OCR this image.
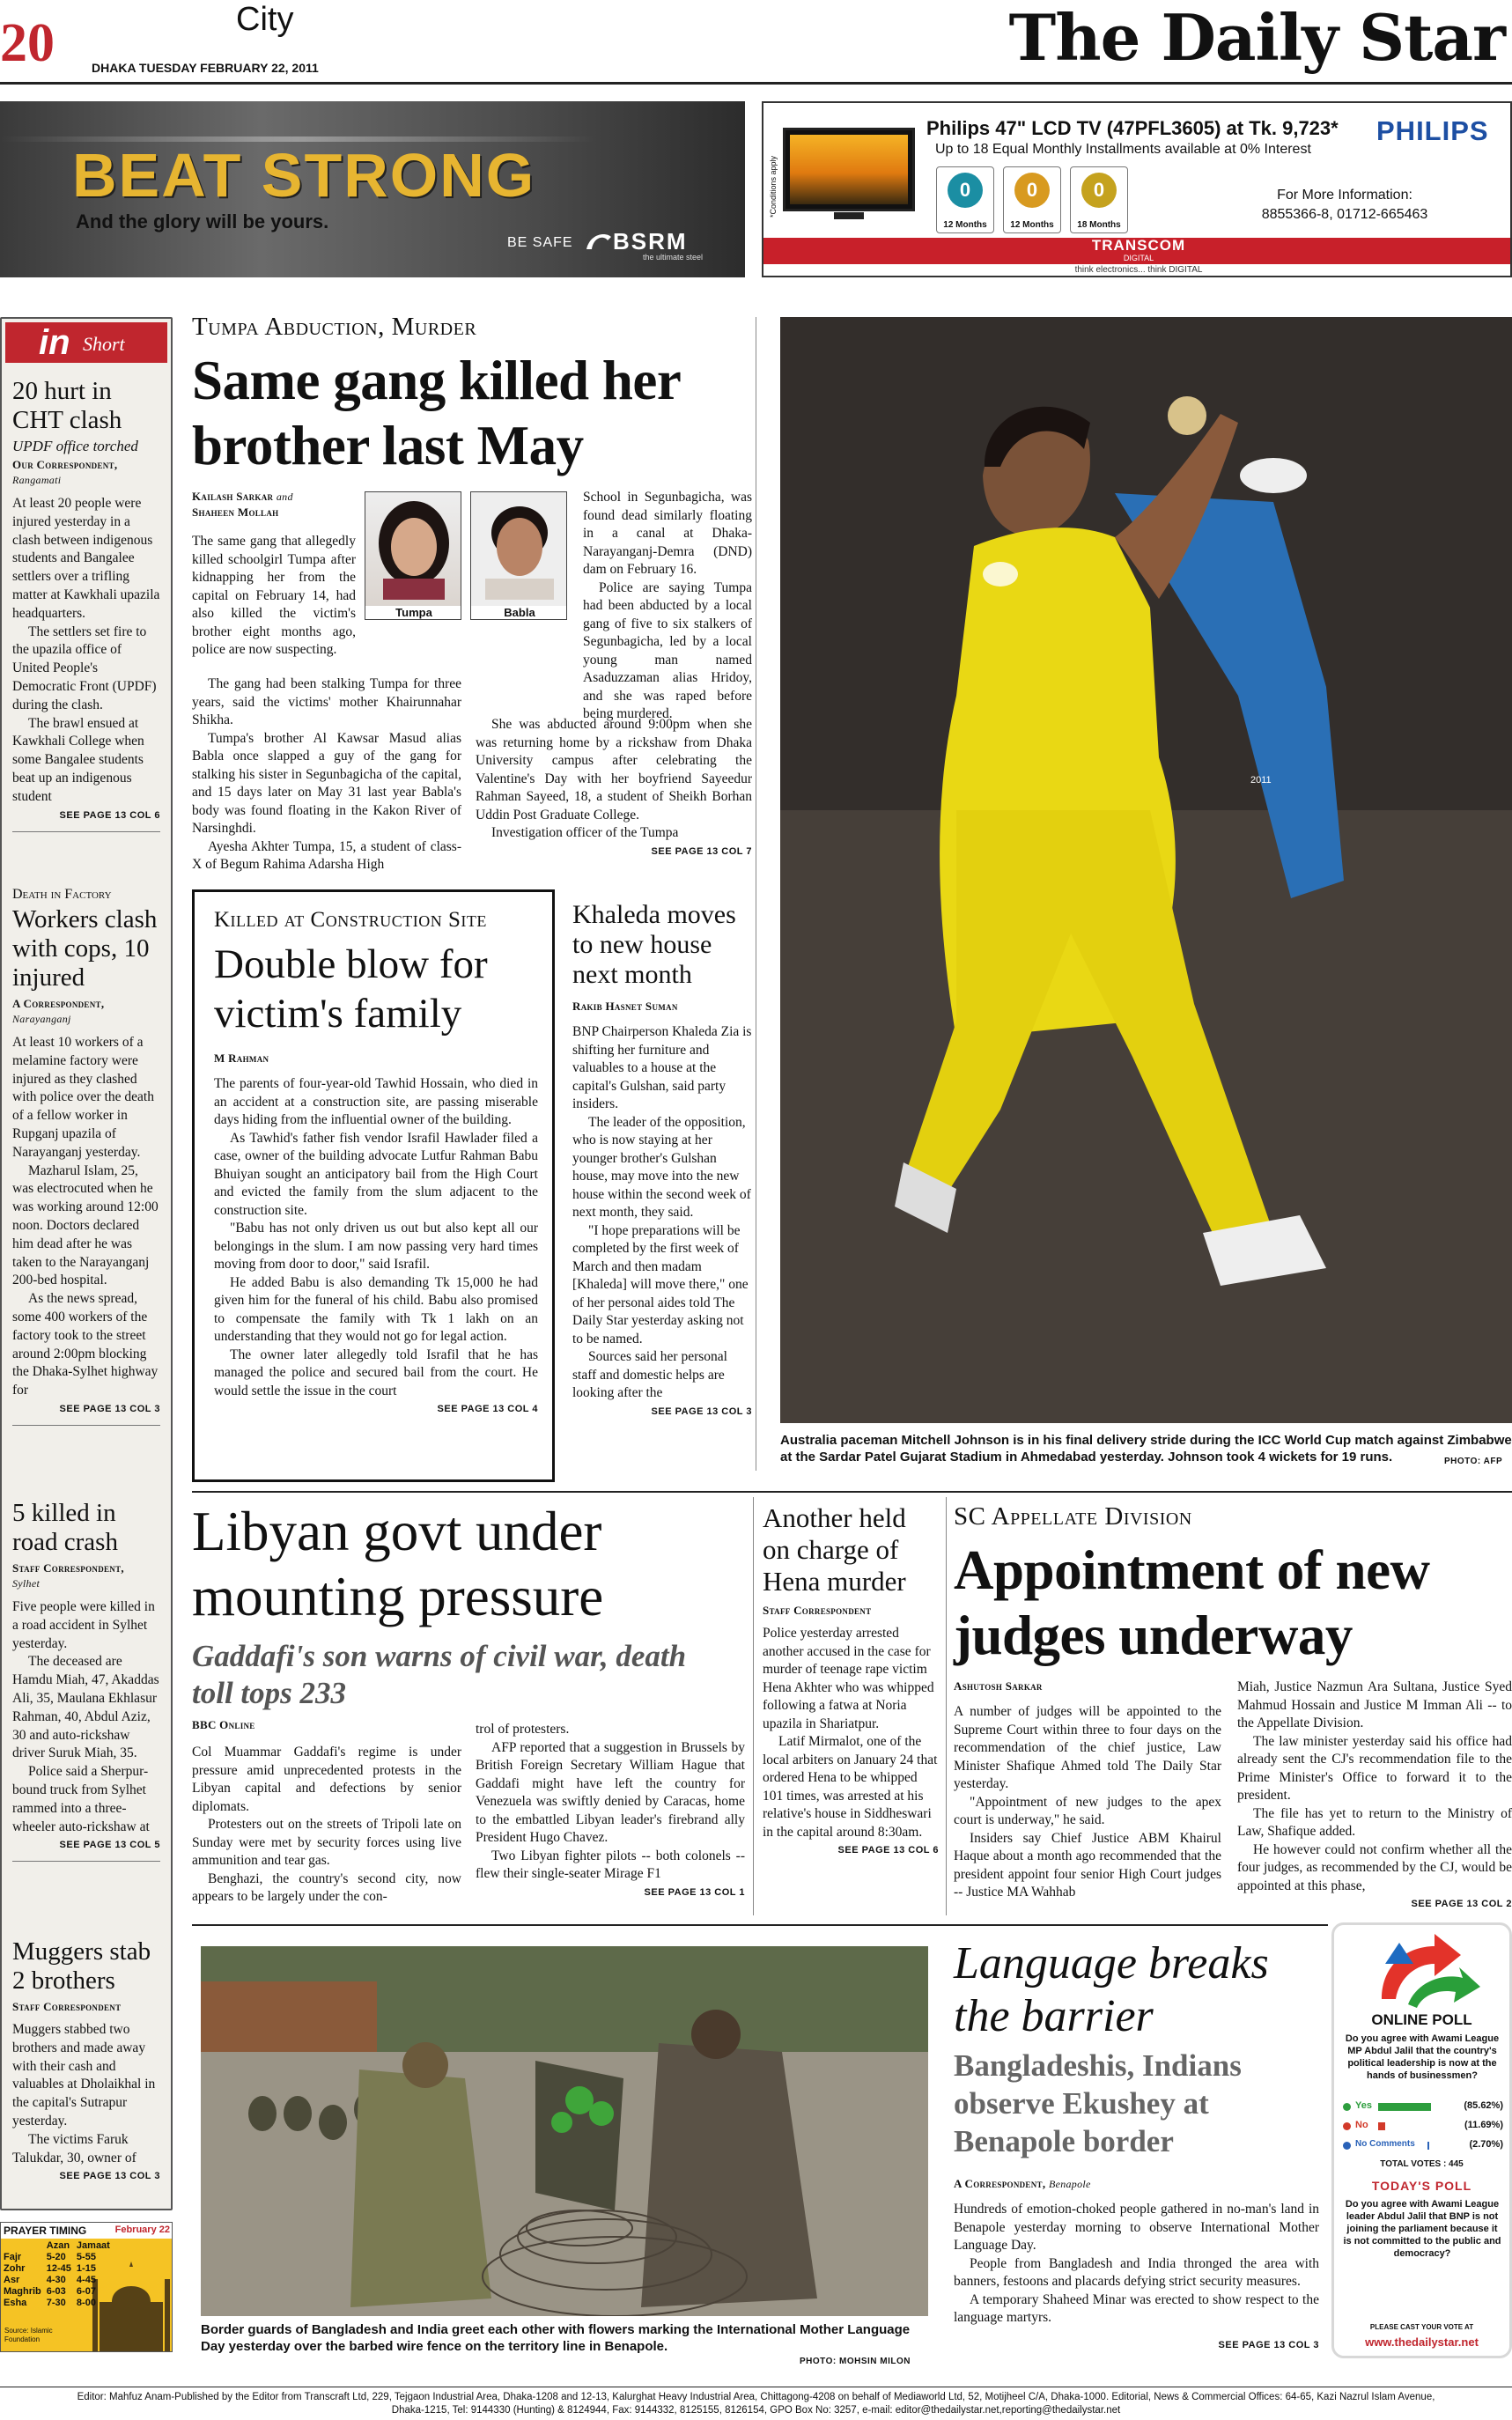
20	City
DHAKA TUESDAY FEBRUARY 22, 2011	The Daily Star
BEAT STRONG
And the glory will be yours.
BE SAFE BSRM
the ultimate steel
*Conditions apply
Philips 47" LCD TV (47PFL3605) at Tk. 9,723*
Up to 18 Equal Monthly Installments available at 0% Interest
PHILIPS
0
12 Months
0
12 Months
0
18 Months
For More Information:
8855366-8, 01712-665463
TRANSCOM
DIGITAL
think electronics... think DIGITAL
in Short
20 hurt in CHT clash
UPDF office torched
Our Correspondent,
Rangamati

At least 20 people were injured yesterday in a clash between indigenous students and Bangalee settlers over a trifling matter at Kawkhali upazila headquarters.

The settlers set fire to the upazila office of United People's Democratic Front (UPDF) during the clash.

The brawl ensued at Kawkhali College when some Bangalee students beat up an indigenous student

SEE PAGE 13 COL 6
Death in Factory
Workers clash with cops, 10 injured
A Correspondent,
Narayanganj

At least 10 workers of a melamine factory were injured as they clashed with police over the death of a fellow worker in Rupganj upazila of Narayanganj yesterday.

Mazharul Islam, 25, was electrocuted when he was working around 12:00 noon. Doctors declared him dead after he was taken to the Narayanganj 200-bed hospital.

As the news spread, some 400 workers of the factory took to the street around 2:00pm blocking the Dhaka-Sylhet highway for

SEE PAGE 13 COL 3
5 killed in road crash
Staff Correspondent,
Sylhet

Five people were killed in a road accident in Sylhet yesterday.

The deceased are Hamdu Miah, 47, Akaddas Ali, 35, Maulana Ekhlasur Rahman, 40, Abdul Aziz, 30 and auto-rickshaw driver Suruk Miah, 35.

Police said a Sherpur-bound truck from Sylhet rammed into a three-wheeler auto-rickshaw at

SEE PAGE 13 COL 5
Muggers stab 2 brothers
Staff Correspondent

Muggers stabbed two brothers and made away with their cash and valuables at Dholaikhal in the capital's Sutrapur yesterday.

The victims Faruk Talukdar, 30, owner of

SEE PAGE 13 COL 3
PRAYER TIMING	February 22
	Azan	Jamaat
Fajr	5-20	5-55
Zohr	12-45	1-15
Asr	4-30	4-45
Maghrib	6-03	6-07
Esha	7-30	8-00
Source: Islamic Foundation
Tumpa Abduction, Murder
Same gang killed her brother last May
Kailash Sarkar and
Shaheen Mollah
Tumpa	Babla

The same gang that allegedly killed schoolgirl Tumpa after kidnapping her from the capital on February 14, had also killed the victim's brother eight months ago, police are now suspecting.

The gang had been stalking Tumpa for three years, said the victims' mother Khairunnahar Shikha.

Tumpa's brother Al Kawsar Masud alias Babla once slapped a guy of the gang for stalking his sister in Segunbagicha of the capital, and 15 days later on May 31 last year Babla's body was found floating in the Kakon River of Narsinghdi.

Ayesha Akhter Tumpa, 15, a student of class-X of Begum Rahima Adarsha High

School in Segunbagicha, was found dead similarly floating in a canal at Dhaka-Narayanganj-Demra (DND) dam on February 16.

Police are saying Tumpa had been abducted by a local gang of five to six stalkers of Segunbagicha, led by a local young man named Asaduzzaman alias Hridoy, and she was raped before being murdered.

She was abducted around 9:00pm when she was returning home by a rickshaw from Dhaka University campus after celebrating the Valentine's Day with her boyfriend Sayeedur Rahman Sayeed, 18, a student of Sheikh Borhan Uddin Post Graduate College.

Investigation officer of the Tumpa

SEE PAGE 13 COL 7
Killed at Construction Site
Double blow for victim's family
M Rahman

The parents of four-year-old Tawhid Hossain, who died in an accident at a construction site, are passing miserable days hiding from the influential owner of the building.

As Tawhid's father fish vendor Israfil Hawlader filed a case, owner of the building advocate Lutfur Rahman Babu Bhuiyan sought an anticipatory bail from the High Court and evicted the family from the slum adjacent to the construction site.

"Babu has not only driven us out but also kept all our belongings in the slum. I am now passing very hard times moving from door to door," said Israfil.

He added Babu is also demanding Tk 15,000 he had given him for the funeral of his child. Babu also promised to compensate the family with Tk 1 lakh on an understanding that they would not go for legal action.

The owner later allegedly told Israfil that he has managed the police and secured bail from the court. He would settle the issue in the court

SEE PAGE 13 COL 4
Khaleda moves to new house next month
Rakib Hasnet Suman

BNP Chairperson Khaleda Zia is shifting her furniture and valuables to a house at the capital's Gulshan, said party insiders.

The leader of the opposition, who is now staying at her younger brother's Gulshan house, may move into the new house within the second week of next month, they said.

"I hope preparations will be completed by the first week of March and then madam [Khaleda] will move there," one of her personal aides told The Daily Star yesterday asking not to be named.

Sources said her personal staff and domestic helps are looking after the

SEE PAGE 13 COL 3
2011
Australia paceman Mitchell Johnson is in his final delivery stride during the ICC World Cup match against Zimbabwe at the Sardar Patel Gujarat Stadium in Ahmedabad yesterday. Johnson took 4 wickets for 19 runs.	PHOTO: AFP
Libyan govt under mounting pressure
Gaddafi's son warns of civil war, death toll tops 233
BBC Online

Col Muammar Gaddafi's regime is under pressure amid unprecedented protests in the Libyan capital and defections by senior diplomats.

Protesters out on the streets of Tripoli late on Sunday were met by security forces using live ammunition and tear gas.

Benghazi, the country's second city, now appears to be largely under the con-

trol of protesters.

AFP reported that a suggestion in Brussels by British Foreign Secretary William Hague that Gaddafi might have left the country for Venezuela was swiftly denied by Caracas, home to the embattled Libyan leader's firebrand ally President Hugo Chavez.

Two Libyan fighter pilots -- both colonels -- flew their single-seater Mirage F1

SEE PAGE 13 COL 1
Another held on charge of Hena murder
Staff Correspondent

Police yesterday arrested another accused in the case for murder of teenage rape victim Hena Akhter who was whipped following a fatwa at Noria upazila in Shariatpur.

Latif Mirmalot, one of the local arbiters on January 24 that ordered Hena to be whipped 101 times, was arrested at his relative's house in Siddheswari in the capital around 8:30am.

SEE PAGE 13 COL 6
SC Appellate Division
Appointment of new judges underway
Ashutosh Sarkar

A number of judges will be appointed to the Supreme Court within three to four days on the recommendation of the chief justice, Law Minister Shafique Ahmed told The Daily Star yesterday.

"Appointment of new judges to the apex court is underway," he said.

Insiders say Chief Justice ABM Khairul Haque about a month ago recommended that the president appoint four senior High Court judges -- Justice MA Wahhab

Miah, Justice Nazmun Ara Sultana, Justice Syed Mahmud Hossain and Justice M Imman Ali -- to the Appellate Division.

The law minister yesterday said his office had already sent the CJ's recommendation file to the Prime Minister's Office to forward it to the president.

The file has yet to return to the Ministry of Law, Shafique added.

He however could not confirm whether all the four judges, as recommended by the CJ, would be appointed at this phase,

SEE PAGE 13 COL 2
Border guards of Bangladesh and India greet each other with flowers marking the International Mother Language Day yesterday over the barbed wire fence on the territory line in Benapole.
PHOTO: MOHSIN MILON
Language breaks the barrier
Bangladeshis, Indians observe Ekushey at Benapole border
A Correspondent, Benapole

Hundreds of emotion-choked people gathered in no-man's land in Benapole yesterday morning to observe International Mother Language Day.

People from Bangladesh and India thronged the area with banners, festoons and placards defying strict security measures.

A temporary Shaheed Minar was erected to show respect to the language martyrs.

SEE PAGE 13 COL 3
ONLINE POLL
Do you agree with Awami League MP Abdul Jalil that the country's political leadership is now at the hands of businessmen?
Yes	(85.62%)
No	(11.69%)
No Comments	(2.70%)
TOTAL VOTES : 445
TODAY'S POLL
Do you agree with Awami League leader Abdul Jalil that BNP is not joining the parliament because it is not committed to the public and democracy?
PLEASE CAST YOUR VOTE AT
www.thedailystar.net
Editor: Mahfuz Anam-Published by the Editor from Transcraft Ltd, 229, Tejgaon Industrial Area, Dhaka-1208 and 12-13, Kalurghat Heavy Industrial Area, Chittagong-4208 on behalf of Mediaworld Ltd, 52, Motijheel C/A, Dhaka-1000. Editorial, News & Commercial Offices: 64-65, Kazi Nazrul Islam Avenue,
Dhaka-1215, Tel: 9144330 (Hunting) & 8124944, Fax: 9144332, 8125155, 8126154, GPO Box No: 3257, e-mail: editor@thedailystar.net,reporting@thedailystar.net
